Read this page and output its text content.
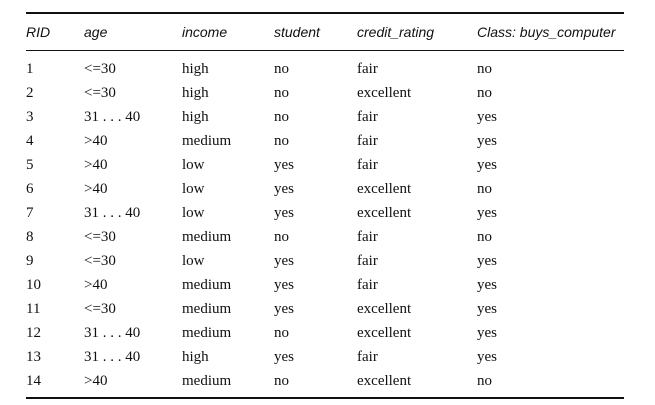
RID	age	income	student	credit_rating	Class: buys_computer
1	<=30	high	no	fair	no
2	<=30	high	no	excellent	no
3	31 . . . 40	high	no	fair	yes
4	>40	medium	no	fair	yes
5	>40	low	yes	fair	yes
6	>40	low	yes	excellent	no
7	31 . . . 40	low	yes	excellent	yes
8	<=30	medium	no	fair	no
9	<=30	low	yes	fair	yes
10	>40	medium	yes	fair	yes
11	<=30	medium	yes	excellent	yes
12	31 . . . 40	medium	no	excellent	yes
13	31 . . . 40	high	yes	fair	yes
14	>40	medium	no	excellent	no
